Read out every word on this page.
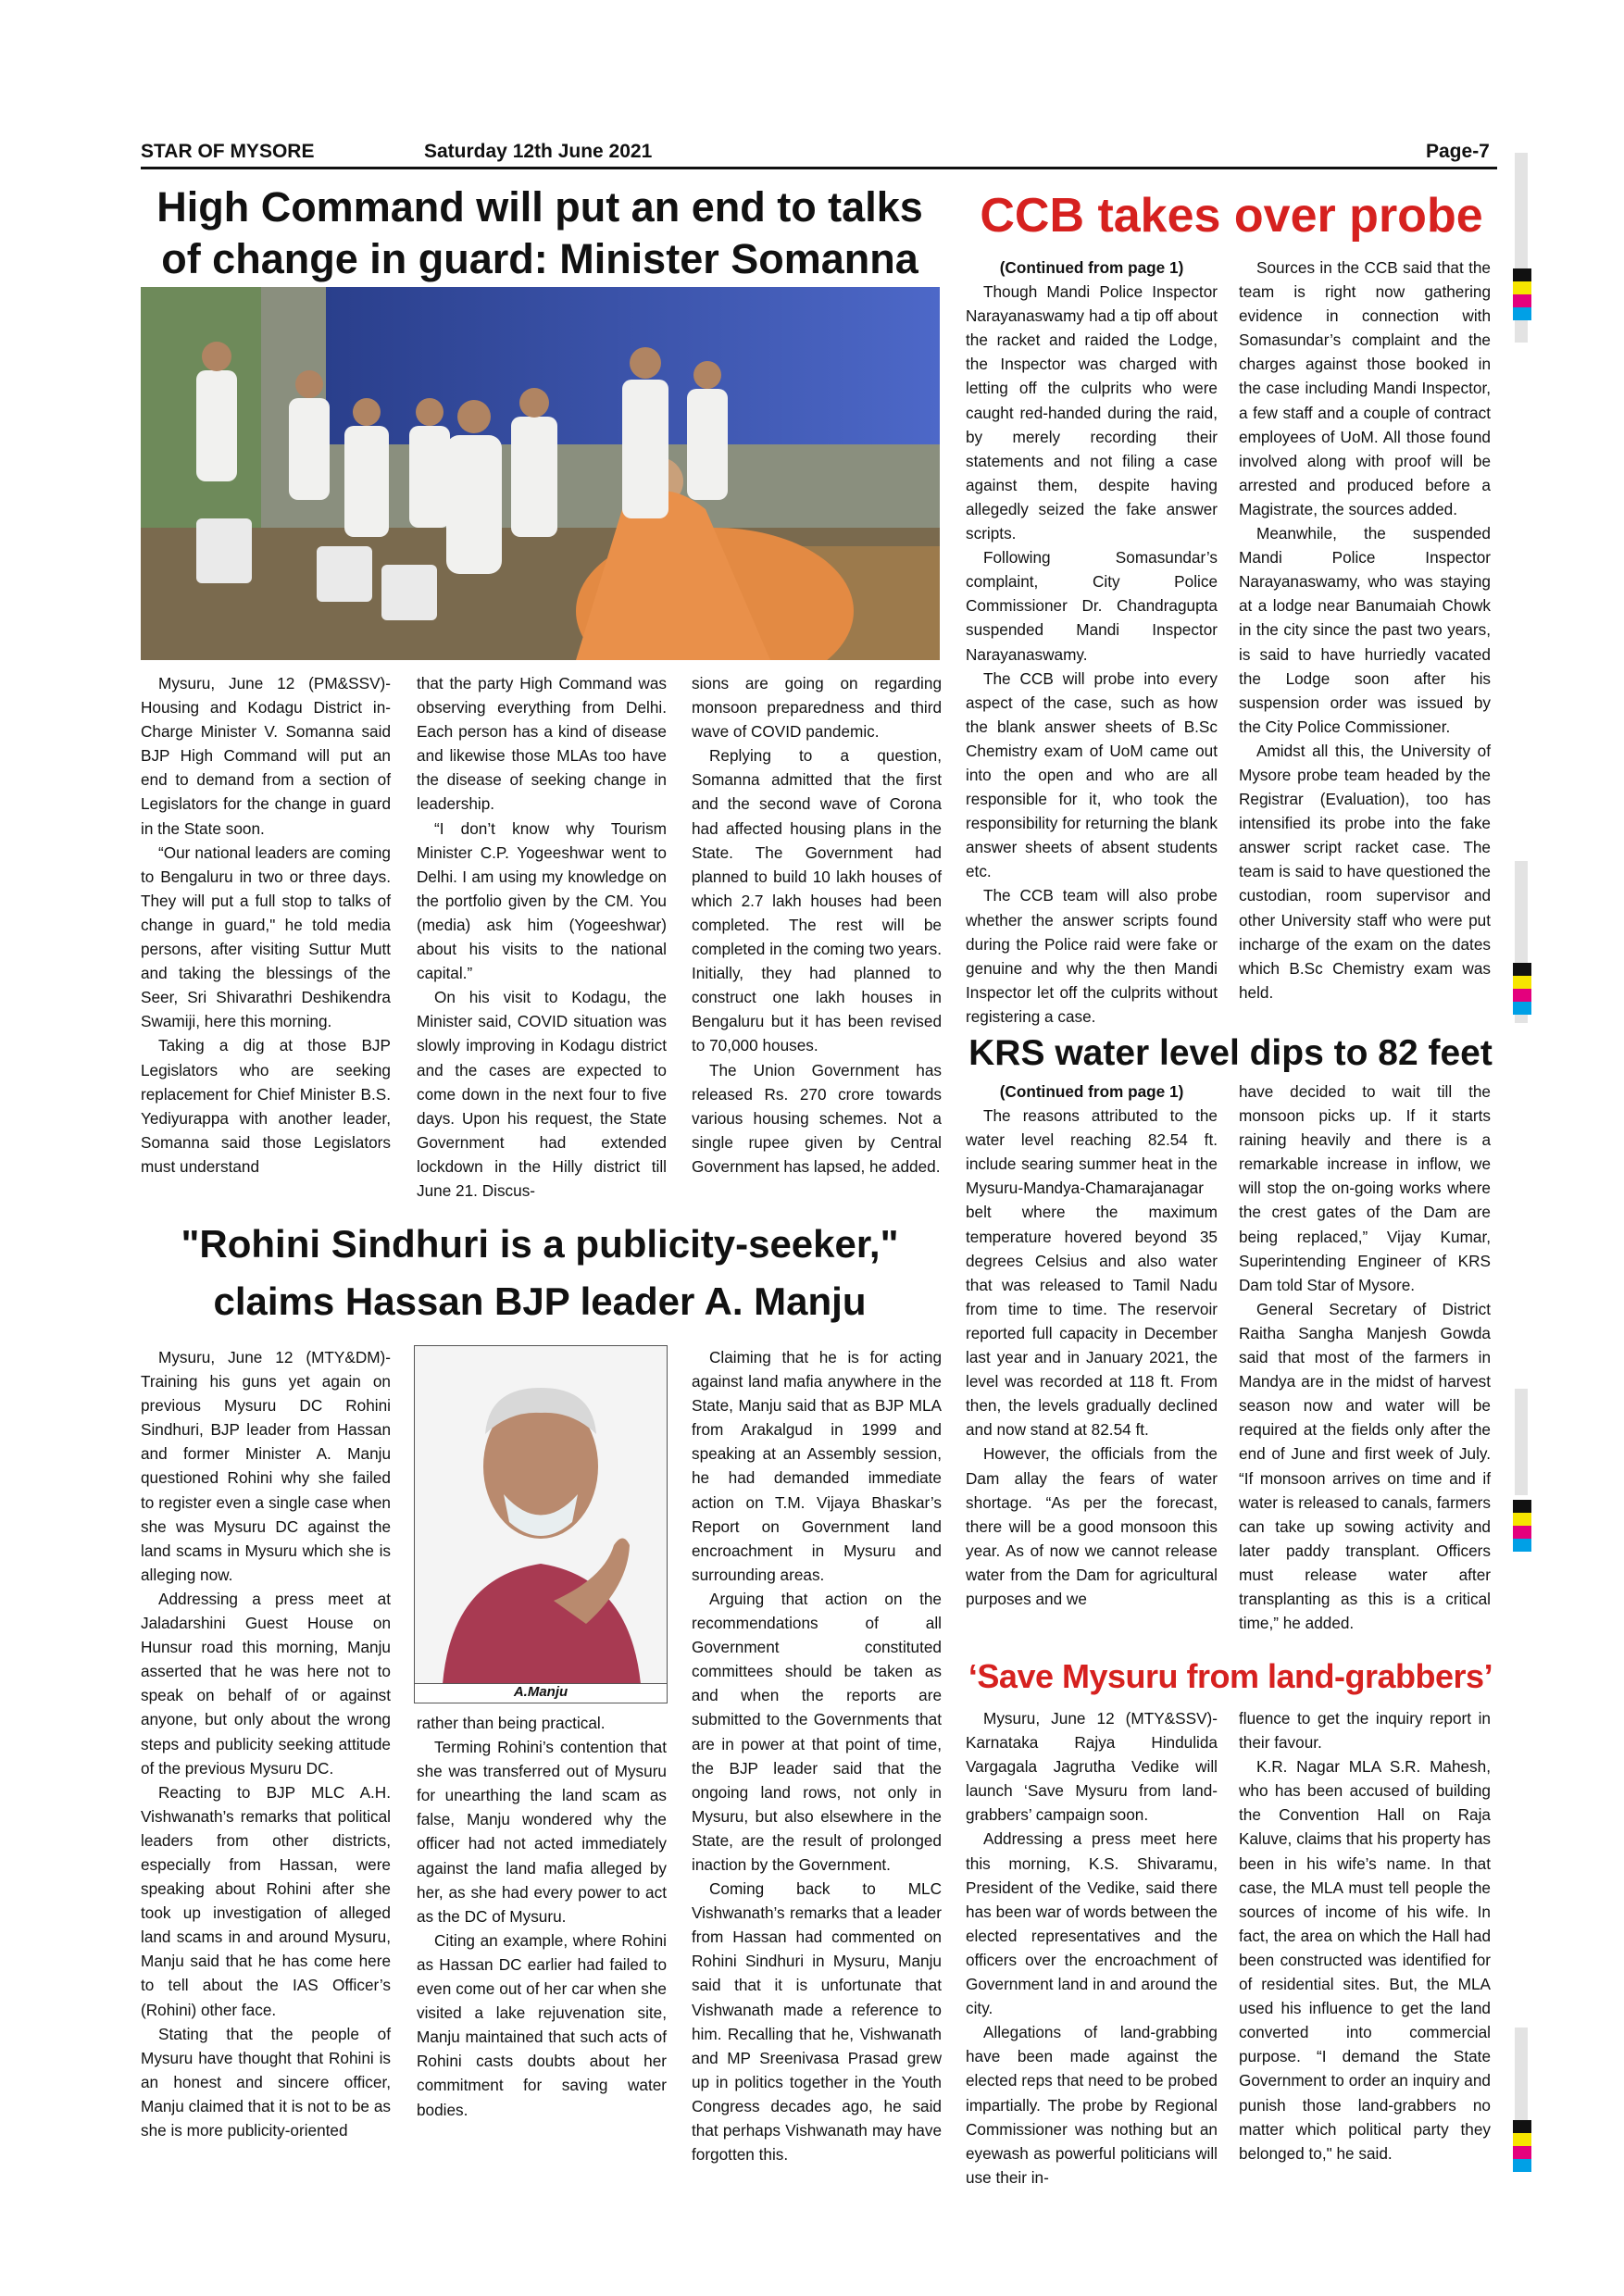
STAR OF MYSORE	Saturday 12th June 2021	Page-7
High Command will put an end to talks of change in guard: Minister Somanna

Mysuru, June 12 (PM&SSV)- Housing and Kodagu District in-Charge Minister V. Somanna said BJP High Command will put an end to demand from a section of Legislators for the change in guard in the State soon.

“Our national leaders are coming to Bengaluru in two or three days. They will put a full stop to talks of change in guard," he told media persons, after visiting Suttur Mutt and taking the blessings of the Seer, Sri Shivarathri Deshikendra Swamiji, here this morning.

Taking a dig at those BJP Legislators who are seeking replacement for Chief Minister B.S. Yediyurappa with another leader, Somanna said those Legislators must understand

that the party High Command was observing everything from Delhi. Each person has a kind of disease and likewise those MLAs too have the disease of seeking change in leadership.

“I don’t know why Tourism Minister C.P. Yogeeshwar went to Delhi. I am using my knowledge on the portfolio given by the CM. You (media) ask him (Yogeeshwar) about his visits to the national capital.”

On his visit to Kodagu, the Minister said, COVID situation was slowly improving in Kodagu district and the cases are expected to come down in the next four to five days. Upon his request, the State Government had extended lockdown in the Hilly district till June 21. Discus-

sions are going on regarding monsoon preparedness and third wave of COVID pandemic.

Replying to a question, Somanna admitted that the first and the second wave of Corona had affected housing plans in the State. The Government had planned to build 10 lakh houses of which 2.7 lakh houses had been completed. The rest will be completed in the coming two years. Initially, they had planned to construct one lakh houses in Bengaluru but it has been revised to 70,000 houses.

The Union Government has released Rs. 270 crore towards various housing schemes. Not a single rupee given by Central Government has lapsed, he added.

CCB takes over probe

(Continued from page 1)

Though Mandi Police Inspector Narayanaswamy had a tip off about the racket and raided the Lodge, the Inspector was charged with letting off the culprits who were caught red-handed during the raid, by merely recording their statements and not filing a case against them, despite having allegedly seized the fake answer scripts.

Following Somasundar’s complaint, City Police Commissioner Dr. Chandragupta suspended Mandi Inspector Narayanaswamy.

The CCB will probe into every aspect of the case, such as how the blank answer sheets of B.Sc Chemistry exam of UoM came out into the open and who are all responsible for it, who took the responsibility for returning the blank answer sheets of absent students etc.

The CCB team will also probe whether the answer scripts found during the Police raid were fake or genuine and why the then Mandi Inspector let off the culprits without registering a case.

Sources in the CCB said that the team is right now gathering evidence in connection with Somasundar’s complaint and the charges against those booked in the case including Mandi Inspector, a few staff and a couple of contract employees of UoM. All those found involved along with proof will be arrested and produced before a Magistrate, the sources added.

Meanwhile, the suspended Mandi Police Inspector Narayanaswamy, who was staying at a lodge near Banumaiah Chowk in the city since the past two years, is said to have hurriedly vacated the Lodge soon after his suspension order was issued by the City Police Commissioner.

Amidst all this, the University of Mysore probe team headed by the Registrar (Evaluation), too has intensified its probe into the fake answer script racket case. The team is said to have questioned the custodian, room supervisor and other University staff who were put incharge of the exam on the dates which B.Sc Chemistry exam was held.

KRS water level dips to 82 feet

(Continued from page 1)

The reasons attributed to the water level reaching 82.54 ft. include searing summer heat in the Mysuru-Mandya-Chamarajanagar belt where the maximum temperature hovered beyond 35 degrees Celsius and also water that was released to Tamil Nadu from time to time. The reservoir reported full capacity in December last year and in January 2021, the level was recorded at 118 ft. From then, the levels gradually declined and now stand at 82.54 ft.

However, the officials from the Dam allay the fears of water shortage. “As per the forecast, there will be a good monsoon this year. As of now we cannot release water from the Dam for agricultural purposes and we

have decided to wait till the monsoon picks up. If it starts raining heavily and there is a remarkable increase in inflow, we will stop the on-going works where the crest gates of the Dam are being replaced,” Vijay Kumar, Superintending Engineer of KRS Dam told Star of Mysore.

General Secretary of District Raitha Sangha Manjesh Gowda said that most of the farmers in Mandya are in the midst of harvest season now and water will be required at the fields only after the end of June and first week of July. “If monsoon arrives on time and if water is released to canals, farmers can take up sowing activity and later paddy transplant. Officers must release water after transplanting as this is a critical time,” he added.

"Rohini Sindhuri is a publicity-seeker," claims Hassan BJP leader A. Manju
A.Manju

Mysuru, June 12 (MTY&DM)- Training his guns yet again on previous Mysuru DC Rohini Sindhuri, BJP leader from Hassan and former Minister A. Manju questioned Rohini why she failed to register even a single case when she was Mysuru DC against the land scams in Mysuru which she is alleging now.

Addressing a press meet at Jaladarshini Guest House on Hunsur road this morning, Manju asserted that he was here not to speak on behalf of or against anyone, but only about the wrong steps and publicity seeking attitude of the previous Mysuru DC.

Reacting to BJP MLC A.H. Vishwanath’s remarks that political leaders from other districts, especially from Hassan, were speaking about Rohini after she took up investigation of alleged land scams in and around Mysuru, Manju said that he has come here to tell about the IAS Officer’s (Rohini) other face.

Stating that the people of Mysuru have thought that Rohini is an honest and sincere officer, Manju claimed that it is not to be as she is more publicity-oriented

rather than being practical.

Terming Rohini’s contention that she was transferred out of Mysuru for unearthing the land scam as false, Manju wondered why the officer had not acted immediately against the land mafia alleged by her, as she had every power to act as the DC of Mysuru.

Citing an example, where Rohini as Hassan DC earlier had failed to even come out of her car when she visited a lake rejuvenation site, Manju maintained that such acts of Rohini casts doubts about her commitment for saving water bodies.

Claiming that he is for acting against land mafia anywhere in the State, Manju said that as BJP MLA from Arakalgud in 1999 and speaking at an Assembly session, he had demanded immediate action on T.M. Vijaya Bhaskar’s Report on Government land encroachment in Mysuru and surrounding areas.

Arguing that action on the recommendations of all Government constituted committees should be taken as and when the reports are submitted to the Governments that are in power at that point of time, the BJP leader said that the ongoing land rows, not only in Mysuru, but also elsewhere in the State, are the result of prolonged inaction by the Government.

Coming back to MLC Vishwanath’s remarks that a leader from Hassan had commented on Rohini Sindhuri in Mysuru, Manju said that it is unfortunate that Vishwanath made a reference to him. Recalling that he, Vishwanath and MP Sreenivasa Prasad grew up in politics together in the Youth Congress decades ago, he said that perhaps Vishwanath may have forgotten this.

‘Save Mysuru from land-grabbers’

Mysuru, June 12 (MTY&SSV)- Karnataka Rajya Hindulida Vargagala Jagrutha Vedike will launch ‘Save Mysuru from land-grabbers’ campaign soon.

Addressing a press meet here this morning, K.S. Shivaramu, President of the Vedike, said there has been war of words between the elected representatives and the officers over the encroachment of Government land in and around the city.

Allegations of land-grabbing have been made against the elected reps that need to be probed impartially. The probe by Regional Commissioner was nothing but an eyewash as powerful politicians will use their in-

fluence to get the inquiry report in their favour.

K.R. Nagar MLA S.R. Mahesh, who has been accused of building the Convention Hall on Raja Kaluve, claims that his property has been in his wife’s name. In that case, the MLA must tell people the sources of income of his wife. In fact, the area on which the Hall had been constructed was identified for of residential sites. But, the MLA used his influence to get the land converted into commercial purpose. “I demand the State Government to order an inquiry and punish those land-grabbers no matter which political party they belonged to," he said.
